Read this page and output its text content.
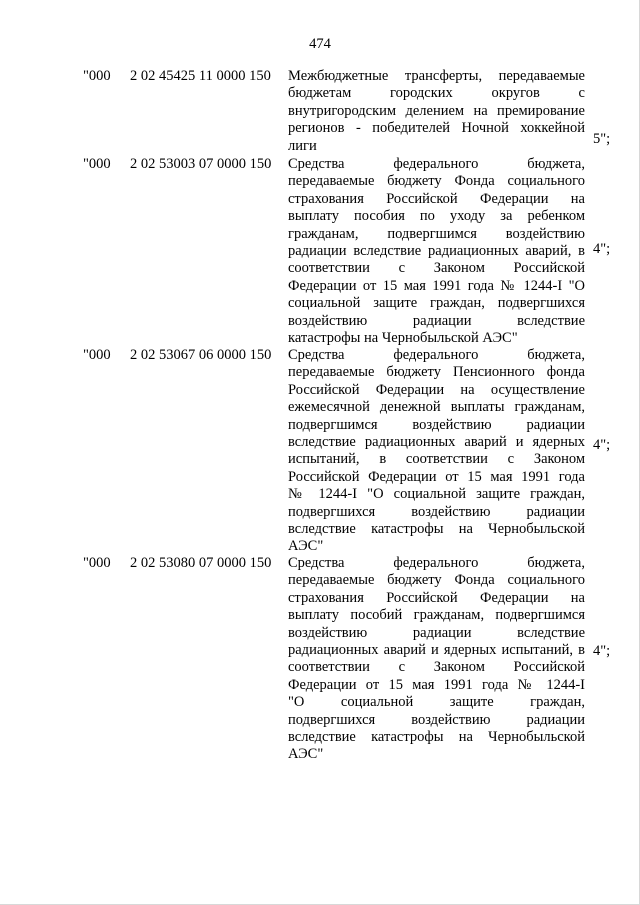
474
"000 2 02 45425 11 0000 150 Межбюджетные трансферты, передаваемые
бюджетам городских округов с
внутригородским делением на премирование
регионов - победителей Ночной хоккейной
лиги	5";
"000 2 02 53003 07 0000 150 Средства федерального бюджета,
передаваемые бюджету Фонда социального
страхования Российской Федерации на
выплату пособия по уходу за ребенком
гражданам, подвергшимся воздействию
радиации вследствие радиационных аварий, в
соответствии с Законом Российской
Федерации от 15 мая 1991 года № 1244-I "О
социальной защите граждан, подвергшихся
воздействию радиации вследствие
катастрофы на Чернобыльской АЭС"
4";
"000 2 02 53067 06 0000 150 Средства федерального бюджета,
передаваемые бюджету Пенсионного фонда
Российской Федерации на осуществление
ежемесячной денежной выплаты гражданам,
подвергшимся воздействию радиации
вследствие радиационных аварий и ядерных
испытаний, в соответствии с Законом
Российской Федерации от 15 мая 1991 года
№ 1244-I "О социальной защите граждан,
подвергшихся воздействию радиации
вследствие катастрофы на Чернобыльской
АЭС"
4";
"000 2 02 53080 07 0000 150 Средства федерального бюджета,
передаваемые бюджету Фонда социального
страхования Российской Федерации на
выплату пособий гражданам, подвергшимся
воздействию радиации вследствие
радиационных аварий и ядерных испытаний, в
соответствии с Законом Российской
Федерации от 15 мая 1991 года № 1244-I
"О социальной защите граждан,
подвергшихся воздействию радиации
вследствие катастрофы на Чернобыльской
АЭС"
4";
